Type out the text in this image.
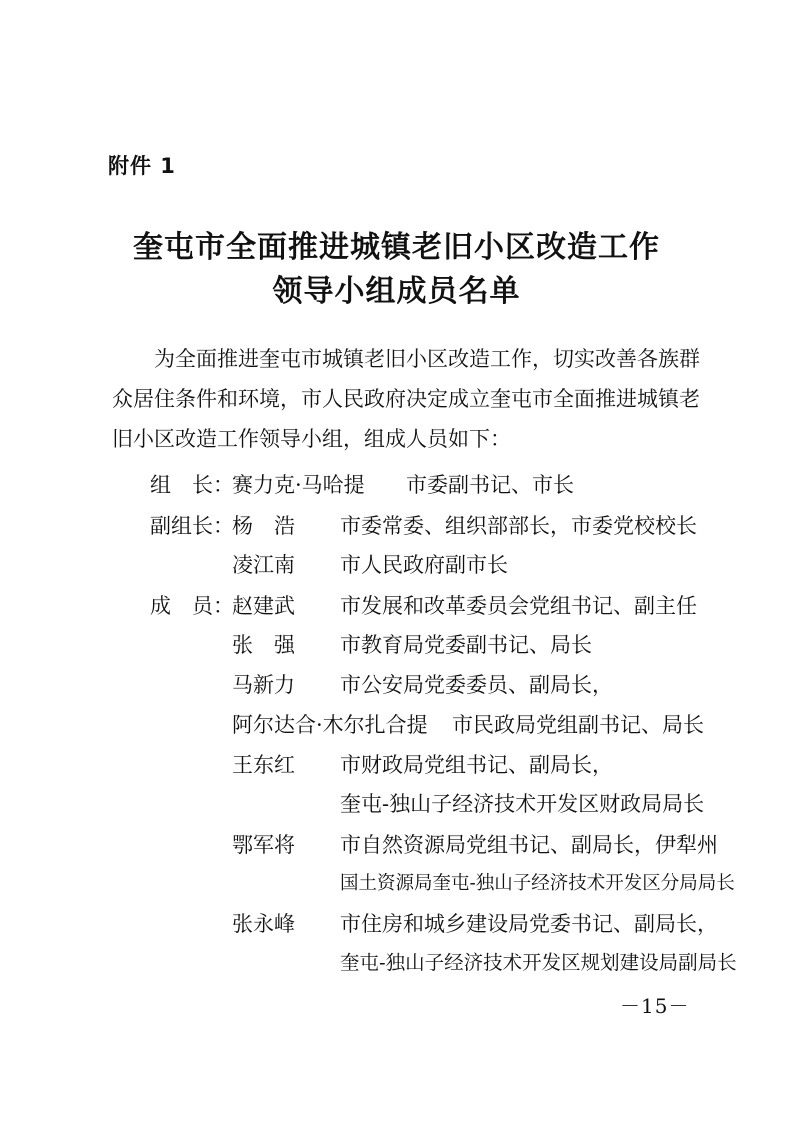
附件 1
奎屯市全面推进城镇老旧小区改造工作
领导小组成员名单

为全面推进奎屯市城镇老旧小区改造工作，切实改善各族群众居住条件和环境，市人民政府决定成立奎屯市全面推进城镇老旧小区改造工作领导小组，组成人员如下：

组　长：
赛力克·马哈提 市委副书记、市长
副组长：
杨　浩 市委常委、组织部部长，市委党校校长
凌江南 市人民政府副市长
成　员：
赵建武 市发展和改革委员会党组书记、副主任
张　强 市教育局党委副书记、局长
马新力 市公安局党委委员、副局长，
阿尔达合·木尔扎合提 市民政局党组副书记、局长
王东红 市财政局党组书记、副局长，
奎屯-独山子经济技术开发区财政局局长
鄂军将 市自然资源局党组书记、副局长，伊犁州
国土资源局奎屯-独山子经济技术开发区分局局长
张永峰 市住房和城乡建设局党委书记、副局长，
奎屯-独山子经济技术开发区规划建设局副局长
－15－
